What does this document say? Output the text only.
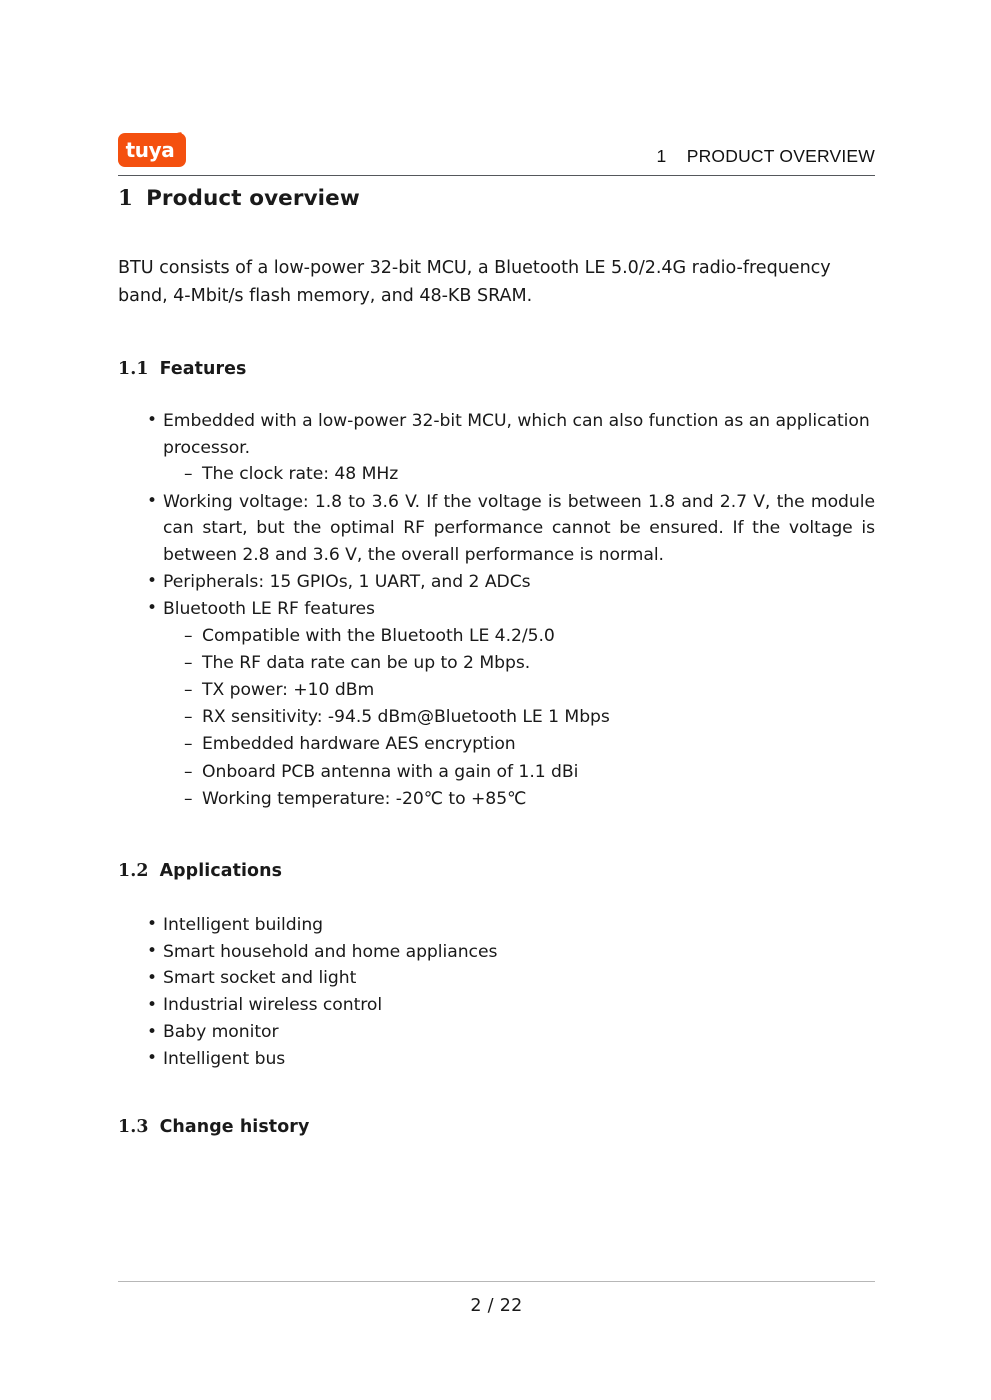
tuya	1    PRODUCT OVERVIEW
1 Product overview

BTU consists of a low-power 32-bit MCU, a Bluetooth LE 5.0/2.4G radio-frequency band, 4-Mbit/s flash memory, and 48-KB SRAM.

1.1 Features
• Embedded with a low-power 32-bit MCU, which can also function as an application processor.
– The clock rate: 48 MHz
• Working voltage: 1.8 to 3.6 V. If the voltage is between 1.8 and 2.7 V, the module can start, but the optimal RF performance cannot be ensured. If the voltage is between 2.8 and 3.6 V, the overall performance is normal.
• Peripherals: 15 GPIOs, 1 UART, and 2 ADCs
• Bluetooth LE RF features
– Compatible with the Bluetooth LE 4.2/5.0
– The RF data rate can be up to 2 Mbps.
– TX power: +10 dBm
– RX sensitivity: -94.5 dBm@Bluetooth LE 1 Mbps
– Embedded hardware AES encryption
– Onboard PCB antenna with a gain of 1.1 dBi
– Working temperature: -20℃ to +85℃
1.2 Applications
• Intelligent building
• Smart household and home appliances
• Smart socket and light
• Industrial wireless control
• Baby monitor
• Intelligent bus
1.3 Change history
2 / 22
